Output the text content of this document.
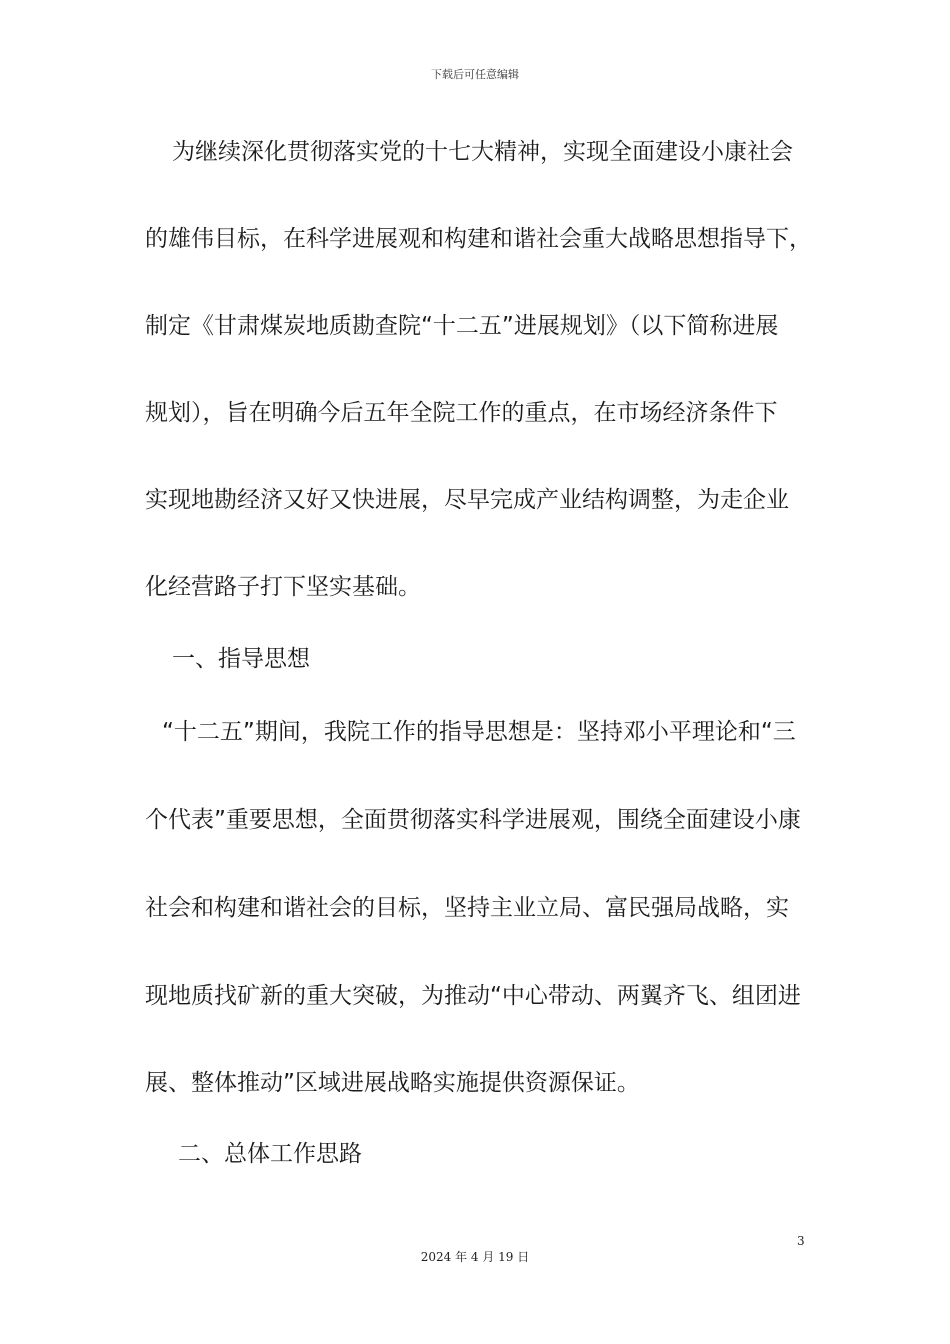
下载后可任意编辑
为继续深化贯彻落实党的十七大精神，实现全面建设小康社会
的雄伟目标，在科学进展观和构建和谐社会重大战略思想指导下，
制定《甘肃煤炭地质勘查院“十二五”进展规划》（以下简称进展
规划），旨在明确今后五年全院工作的重点，在市场经济条件下
实现地勘经济又好又快进展，尽早完成产业结构调整，为走企业
化经营路子打下坚实基础。
一、指导思想
“十二五”期间，我院工作的指导思想是：坚持邓小平理论和“三
个代表”重要思想，全面贯彻落实科学进展观，围绕全面建设小康
社会和构建和谐社会的目标，坚持主业立局、富民强局战略，实
现地质找矿新的重大突破，为推动“中心带动、两翼齐飞、组团进
展、整体推动”区域进展战略实施提供资源保证。
二、总体工作思路
3
2024 年 4 月 19 日
